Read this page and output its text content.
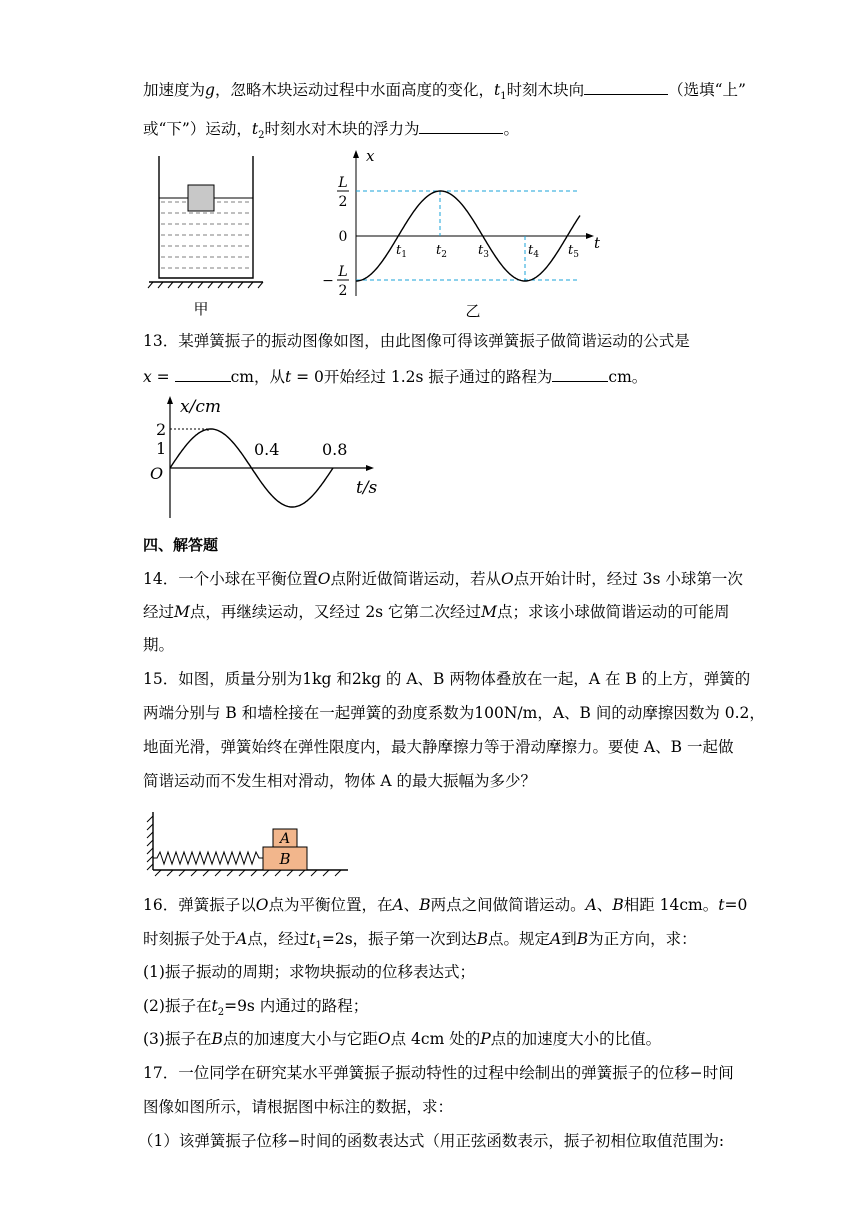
加速度为g，忽略木块运动过程中水面高度的变化，$t_1$时刻木块向	（选填“上”
或“下”）运动，$t_2$时刻水对木块的浮力为	。
甲
x
t
L
2
0
−
L
2
$t_1$ $t_2$ $t_3$	$t_4$ $t_5$
乙
13．某弹簧振子的振动图像如图，由此图像可得该弹簧振子做简谐运动的公式是
x =	cm，从t = 0开始经过 1.2s 振子通过的路程为	cm。
x/cm
2
1
O
0.4	0.8
t/s
四、解答题
14．一个小球在平衡位置O点附近做简谐运动，若从O点开始计时，经过 3s 小球第一次
经过M点，再继续运动，又经过 2s 它第二次经过M点；求该小球做简谐运动的可能周
期。
15．如图，质量分别为1kg 和2kg 的 A、B 两物体叠放在一起，A 在 B 的上方，弹簧的
两端分别与 B 和墙栓接在一起弹簧的劲度系数为100N/m，A、B 间的动摩擦因数为 0.2，
地面光滑，弹簧始终在弹性限度内，最大静摩擦力等于滑动摩擦力。要使 A、B 一起做
简谐运动而不发生相对滑动，物体 A 的最大振幅为多少？
A
B
16．弹簧振子以O点为平衡位置，在A、B两点之间做简谐运动。A、B相距 14cm。t=0
时刻振子处于A点，经过$t_1=2s$，振子第一次到达B点。规定A到B为正方向，求：
(1)振子振动的周期；求物块振动的位移表达式；
(2)振子在$t_2=9s$ 内通过的路程；
(3)振子在B点的加速度大小与它距O点 4cm 处的P点的加速度大小的比值。
17．一位同学在研究某水平弹簧振子振动特性的过程中绘制出的弹簧振子的位移−时间
图像如图所示，请根据图中标注的数据，求：
（1）该弹簧振子位移−时间的函数表达式（用正弦函数表示，振子初相位取值范围为:
